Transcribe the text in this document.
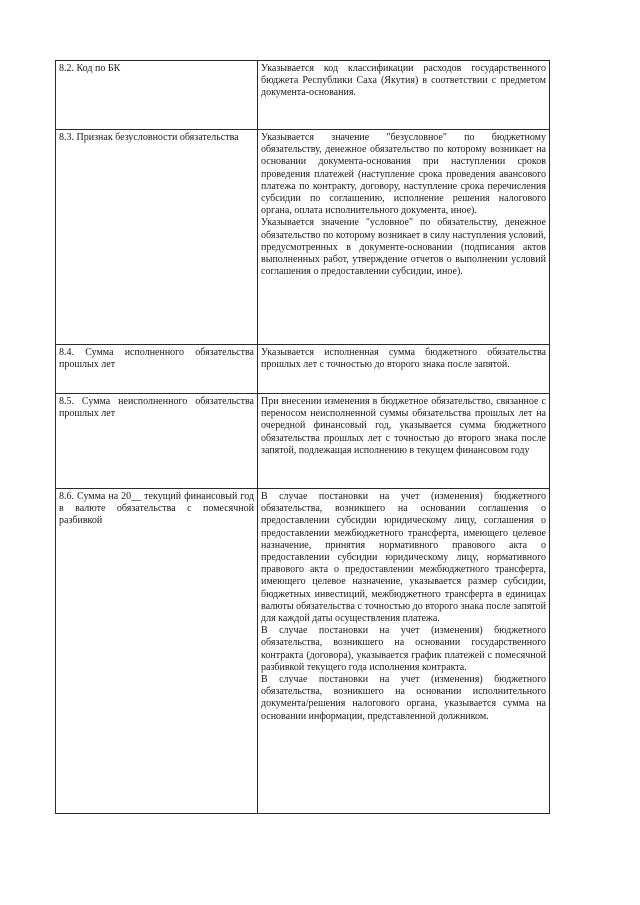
8.2. Код по БК	Указывается код классификации расходов государственного бюджета Республики Саха (Якутия) в соответствии с предметом документа-основания.

8.3. Признак безусловности обязательства	Указывается значение "безусловное" по бюджетному обязательству, денежное обязательство по которому возникает на основании документа-основания при наступлении сроков проведения платежей (наступление срока проведения авансового платежа по контракту, договору, наступление срока перечисления субсидии по соглашению, исполнение решения налогового органа, оплата исполнительного документа, иное).

Указывается значение "условное" по обязательству, денежное обязательство по которому возникает в силу наступления условий, предусмотренных в документе-основании (подписания актов выполненных работ, утверждение отчетов о выполнении условий соглашения о предоставлении субсидии, иное).

8.4. Сумма исполненного обязательства прошлых лет	Указывается исполненная сумма бюджетного обязательства прошлых лет с точностью до второго знака после запятой.

8.5. Сумма неисполненного обязательства прошлых лет	При внесении изменения в бюджетное обязательство, связанное с переносом неисполненной суммы обязательства прошлых лет на очередной финансовый год, указывается сумма бюджетного обязательства прошлых лет с точностью до второго знака после запятой, подлежащая исполнению в текущем финансовом году

8.6. Сумма на 20__ текущий финансовый год в валюте обязательства с помесячной разбивкой	В случае постановки на учет (изменения) бюджетного обязательства, возникшего на основании соглашения о предоставлении субсидии юридическому лицу, соглашения о предоставлении межбюджетного трансферта, имеющего целевое назначение, принятия нормативного правового акта о предоставлении субсидии юридическому лицу, нормативного правового акта о предоставлении межбюджетного трансферта, имеющего целевое назначение, указывается размер субсидии, бюджетных инвестиций, межбюджетного трансферта в единицах валюты обязательства с точностью до второго знака после запятой для каждой даты осуществления платежа.

В случае постановки на учет (изменения) бюджетного обязательства, возникшего на основании государственного контракта (договора), указывается график платежей с помесячной разбивкой текущего года исполнения контракта.

В случае постановки на учет (изменения) бюджетного обязательства, возникшего на основании исполнительного документа/решения налогового органа, указывается сумма на основании информации, представленной должником.
